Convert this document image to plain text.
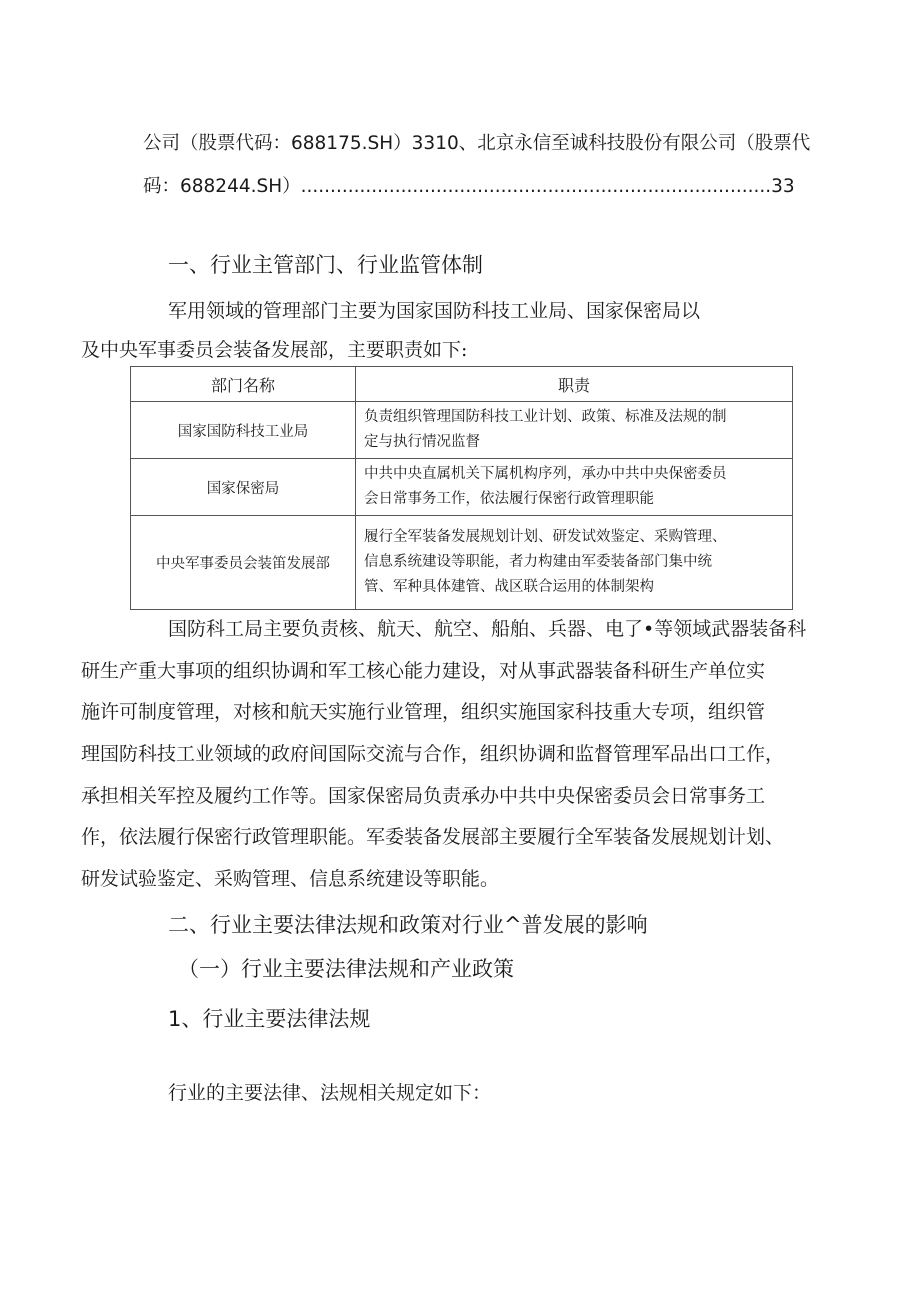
公司（股票代码：688175.SH）3310、北京永信至诚科技股份有限公司（股票代
码：688244.SH）................................................................................33
一、行业主管部门、行业监管体制
军用领域的管理部门主要为国家国防科技工业局、国家保密局以
及中央军事委员会装备发展部，主要职责如下:
部门名称	职责
国家国防科技工业局	负责组织管理国防科技工业计划、政策、标准及法规的制
定与执行情况监督

国家保密局	中共中央直属机关下属机构序列，承办中共中央保密委员
会日常事务工作，依法履行保密行政管理职能

中央军事委员会装笛发展部	履行全军装备发展规划计划、研发试效鉴定、采购管理、
信息系统建设等职能，者力构建由军委装备部门集中统
管、军种具体建管、战区联合运用的体制架构
国防科工局主要负责核、航天、航空、船舶、兵器、电了•等领域武器装备科
研生产重大事项的组织协调和军工核心能力建设，对从事武器装备科研生产单位实
施许可制度管理，对核和航天实施行业管理，组织实施国家科技重大专项，组织管
理国防科技工业领域的政府间国际交流与合作，组织协调和监督管理军品出口工作，
承担相关军控及履约工作等。国家保密局负责承办中共中央保密委员会日常事务工
作，依法履行保密行政管理职能。军委装备发展部主要履行全军装备发展规划计划、
研发试验鉴定、采购管理、信息系统建设等职能。
二、行业主要法律法规和政策对行业^普发展的影响
（一）行业主要法律法规和产业政策
1、行业主要法律法规
行业的主要法律、法规相关规定如下：
